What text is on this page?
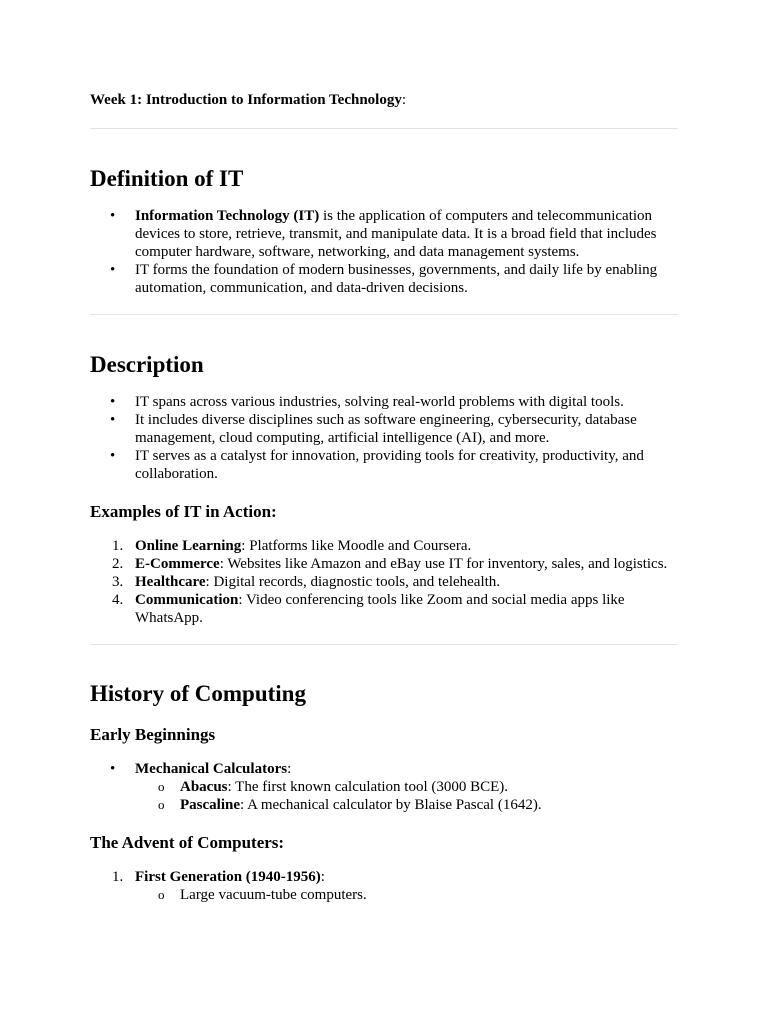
Week 1: Introduction to Information Technology:

Definition of IT
• Information Technology (IT) is the application of computers and telecommunication devices to store, retrieve, transmit, and manipulate data. It is a broad field that includes computer hardware, software, networking, and data management systems.
• IT forms the foundation of modern businesses, governments, and daily life by enabling automation, communication, and data-driven decisions.
Description
• IT spans across various industries, solving real-world problems with digital tools.
• It includes diverse disciplines such as software engineering, cybersecurity, database management, cloud computing, artificial intelligence (AI), and more.
• IT serves as a catalyst for innovation, providing tools for creativity, productivity, and collaboration.
Examples of IT in Action:
1. Online Learning: Platforms like Moodle and Coursera.
2. E-Commerce: Websites like Amazon and eBay use IT for inventory, sales, and logistics.
3. Healthcare: Digital records, diagnostic tools, and telehealth.
4. Communication: Video conferencing tools like Zoom and social media apps like WhatsApp.
History of Computing
Early Beginnings
• Mechanical Calculators:
o Abacus: The first known calculation tool (3000 BCE).
o Pascaline: A mechanical calculator by Blaise Pascal (1642).
The Advent of Computers:
1. First Generation (1940-1956):
o Large vacuum-tube computers.
